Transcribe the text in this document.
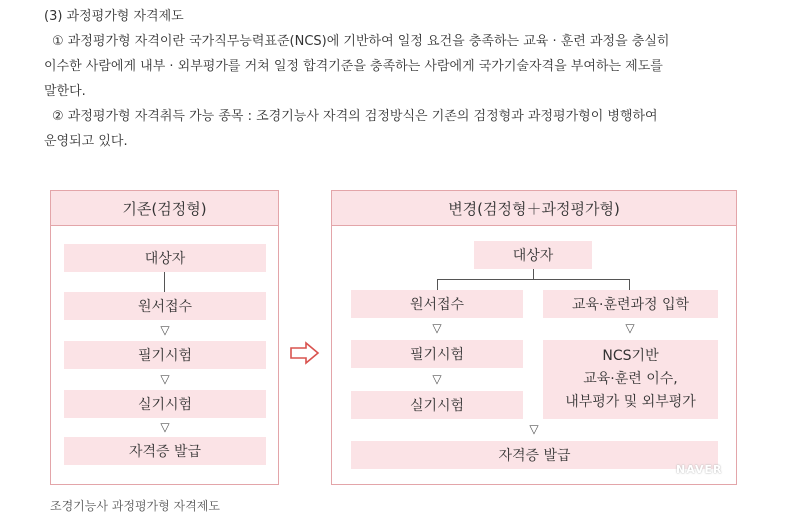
(3) 과정평가형 자격제도
① 과정평가형 자격이란 국가직무능력표준(NCS)에 기반하여 일정 요건을 충족하는 교육 · 훈련 과정을 충실히
이수한 사람에게 내부 · 외부평가를 거쳐 일정 합격기준을 충족하는 사람에게 국가기술자격을 부여하는 제도를
말한다.
② 과정평가형 자격취득 가능 종목 : 조경기능사 자격의 검정방식은 기존의 검정형과 과정평가형이 병행하여
운영되고 있다.
기존(검정형)
대상자
원서접수
▽
필기시험
▽
실기시험
▽
자격증 발급
변경(검정형＋과정평가형)
대상자
원서접수
▽
필기시험
▽
실기시험
교육·훈련과정 입학
▽
NCS기반
교육·훈련 이수,
내부평가 및 외부평가
▽
자격증 발급
NAVER
조경기능사 과정평가형 자격제도
